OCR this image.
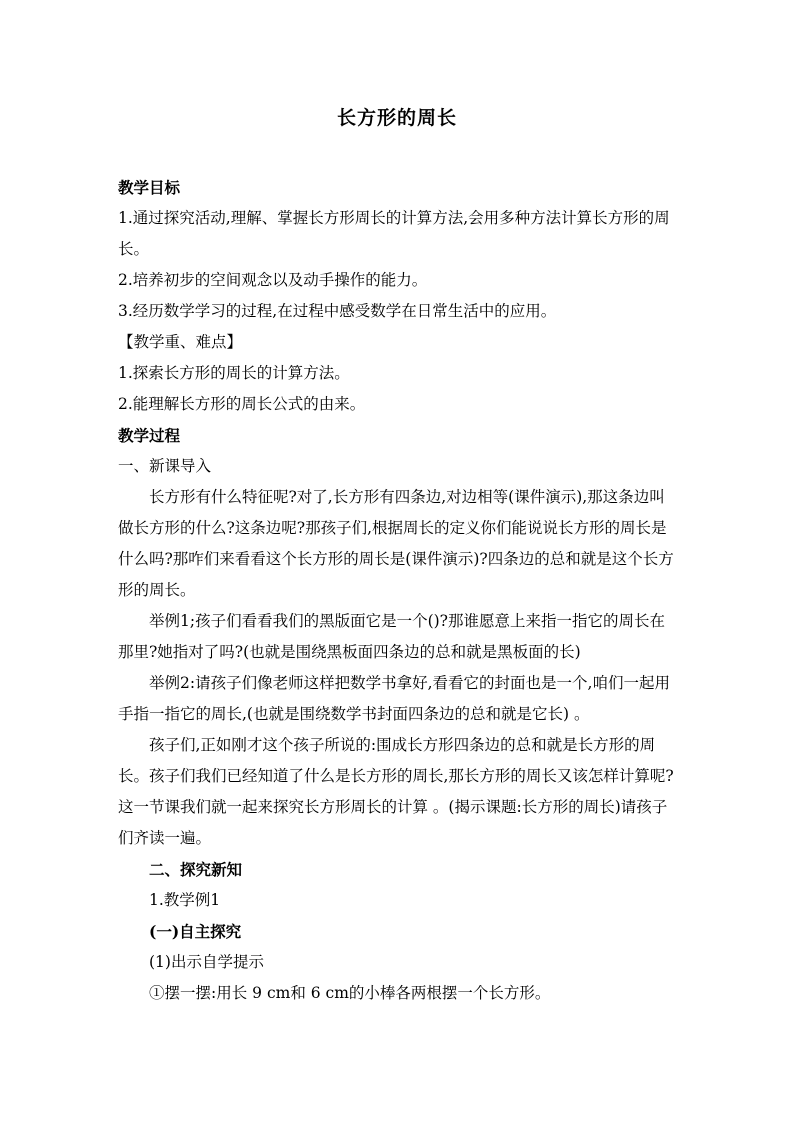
长方形的周长

教学目标

1.通过探究活动,理解、掌握长方形周长的计算方法,会用多种方法计算长方形的周长。

2.培养初步的空间观念以及动手操作的能力。

3.经历数学学习的过程,在过程中感受数学在日常生活中的应用。

【教学重、难点】

1.探索长方形的周长的计算方法。

2.能理解长方形的周长公式的由来。

教学过程

一、新课导入

长方形有什么特征呢?对了,长方形有四条边,对边相等(课件演示),那这条边叫做长方形的什么?这条边呢?那孩子们,根据周长的定义你们能说说长方形的周长是什么吗?那咋们来看看这个长方形的周长是(课件演示)?四条边的总和就是这个长方形的周长。

举例1;孩子们看看我们的黑版面它是一个()?那谁愿意上来指一指它的周长在那里?她指对了吗?(也就是围绕黑板面四条边的总和就是黑板面的长)

举例2:请孩子们像老师这样把数学书拿好,看看它的封面也是一个,咱们一起用手指一指它的周长,(也就是围绕数学书封面四条边的总和就是它长) 。

孩子们,正如刚才这个孩子所说的:围成长方形四条边的总和就是长方形的周长。孩子们我们已经知道了什么是长方形的周长,那长方形的周长又该怎样计算呢?这一节课我们就一起来探究长方形周长的计算 。(揭示课题:长方形的周长)请孩子们齐读一遍。

二、探究新知

1.教学例1

(一)自主探究

(1)出示自学提示

①摆一摆:用长 9 cm和 6 cm的小棒各两根摆一个长方形。
